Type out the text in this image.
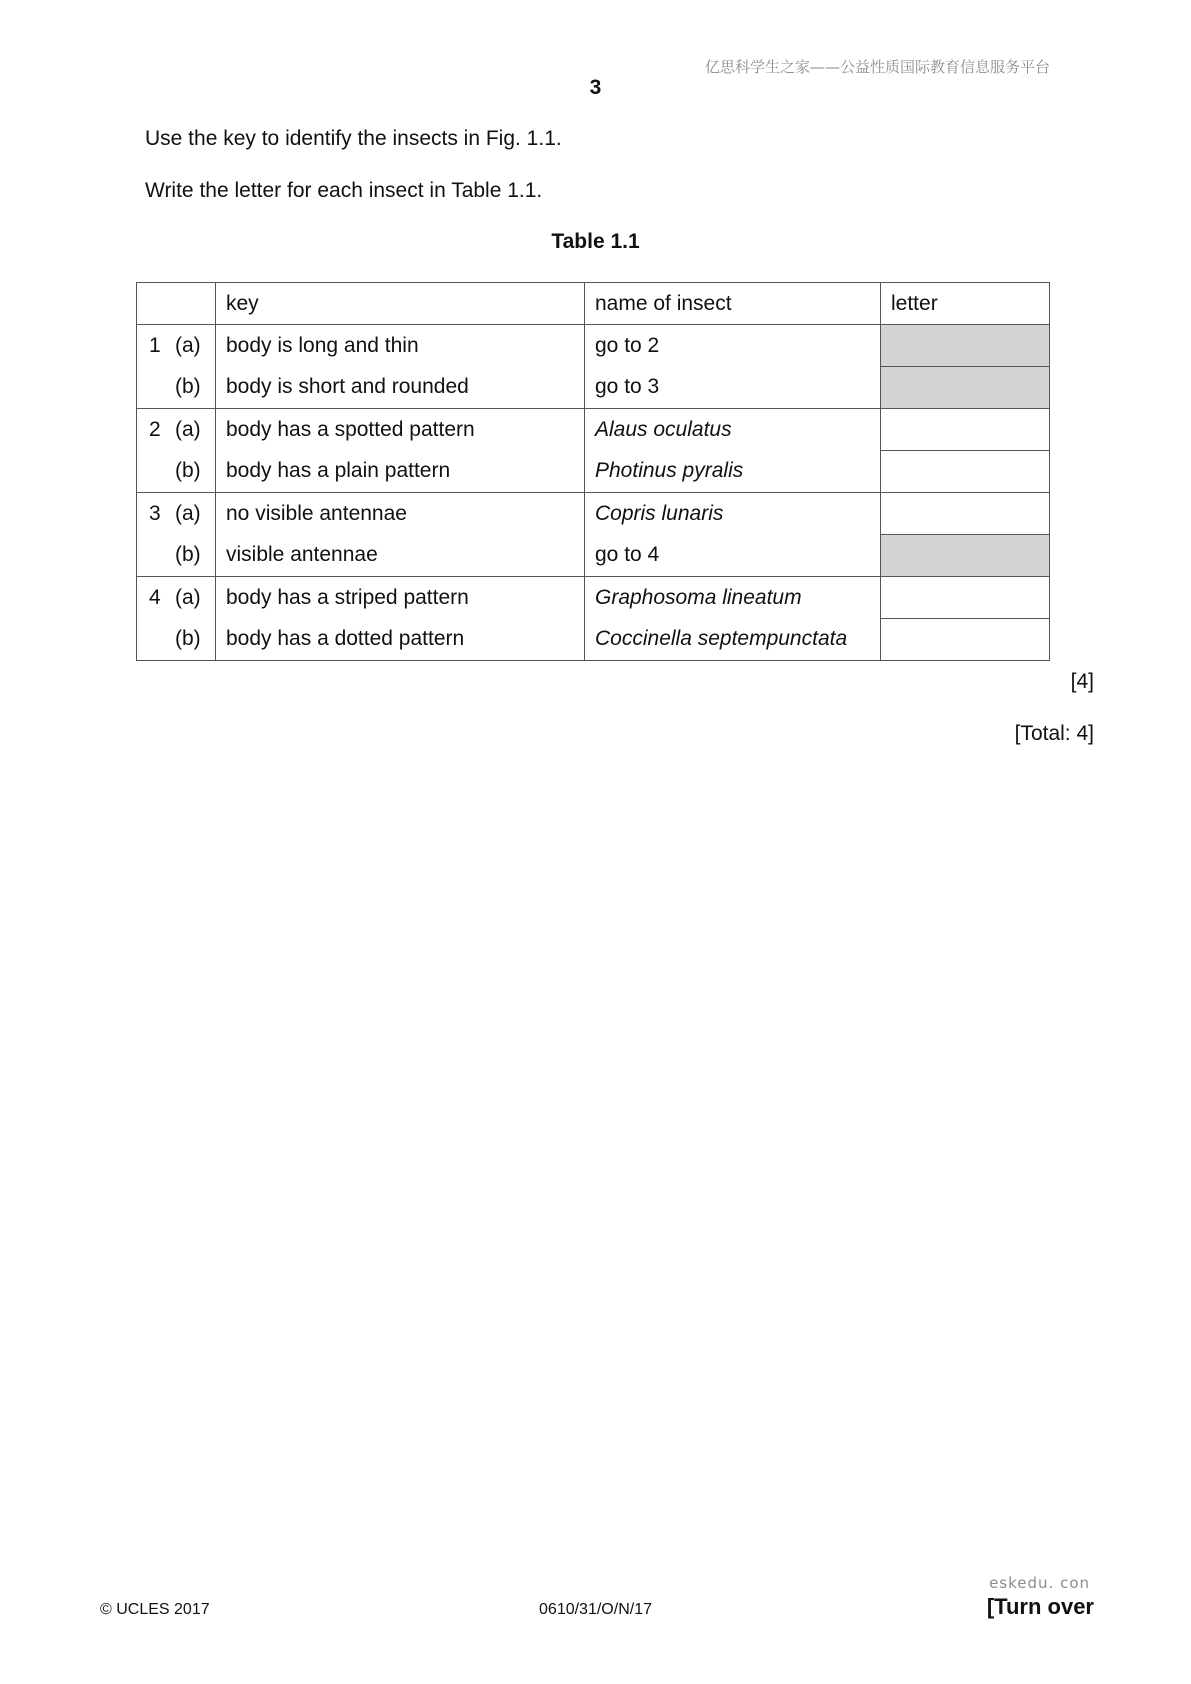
亿思科学生之家——公益性质国际教育信息服务平台
3
Use the key to identify the insects in Fig. 1.1.
Write the letter for each insect in Table 1.1.
Table 1.1
	key	name of insect	letter
1 (a)	body is long and thin	go to 2	
(b)	body is short and rounded	go to 3	
2 (a)	body has a spotted pattern	Alaus oculatus	
(b)	body has a plain pattern	Photinus pyralis	
3 (a)	no visible antennae	Copris lunaris	
(b)	visible antennae	go to 4	
4 (a)	body has a striped pattern	Graphosoma lineatum	
(b)	body has a dotted pattern	Coccinella septempunctata	
[4]
[Total: 4]
© UCLES 2017	0610/31/O/N/17
eskedu. con
[Turn over
